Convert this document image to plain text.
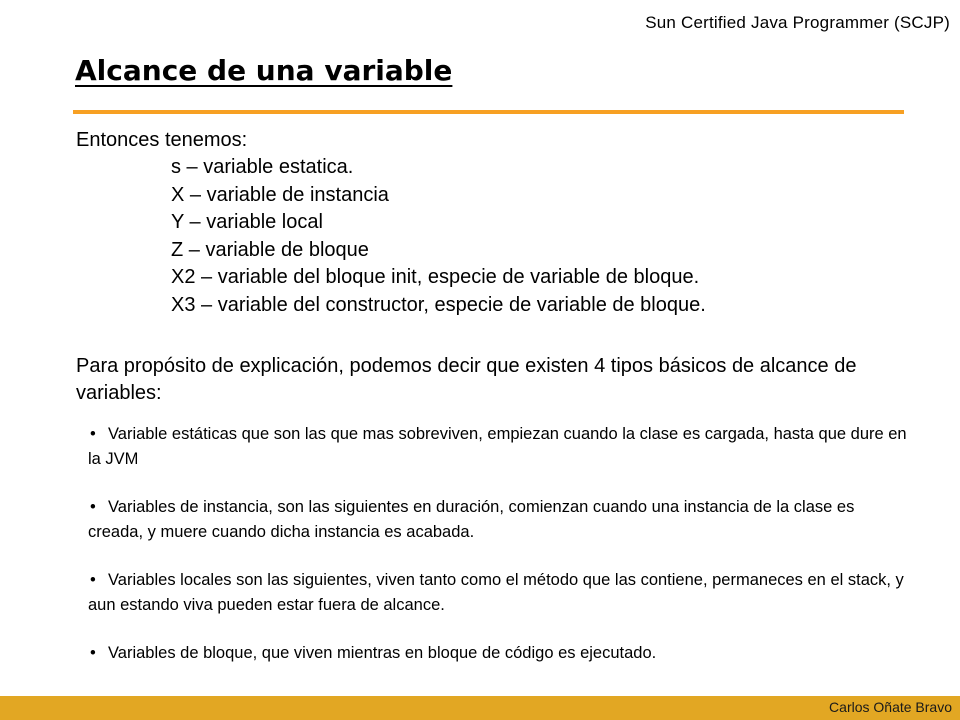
Sun Certified Java Programmer (SCJP)
Alcance de una variable
Entonces tenemos:
s – variable estatica.
X – variable de instancia
Y – variable local
Z – variable de bloque
X2 – variable del bloque init, especie de variable de bloque.
X3 – variable del constructor, especie de variable de bloque.

Para propósito de explicación, podemos decir que existen 4 tipos básicos de alcance de variables:

• Variable estáticas que son las que mas sobreviven, empiezan cuando la clase es cargada, hasta que dure en la JVM
• Variables de instancia, son las siguientes en duración, comienzan cuando una instancia de la clase es creada, y muere cuando dicha instancia es acabada.
• Variables locales son las siguientes, viven tanto como el método que las contiene, permaneces en el stack, y aun estando viva pueden estar fuera de alcance.
• Variables de bloque, que viven mientras en bloque de código es ejecutado.
Carlos Oñate Bravo
